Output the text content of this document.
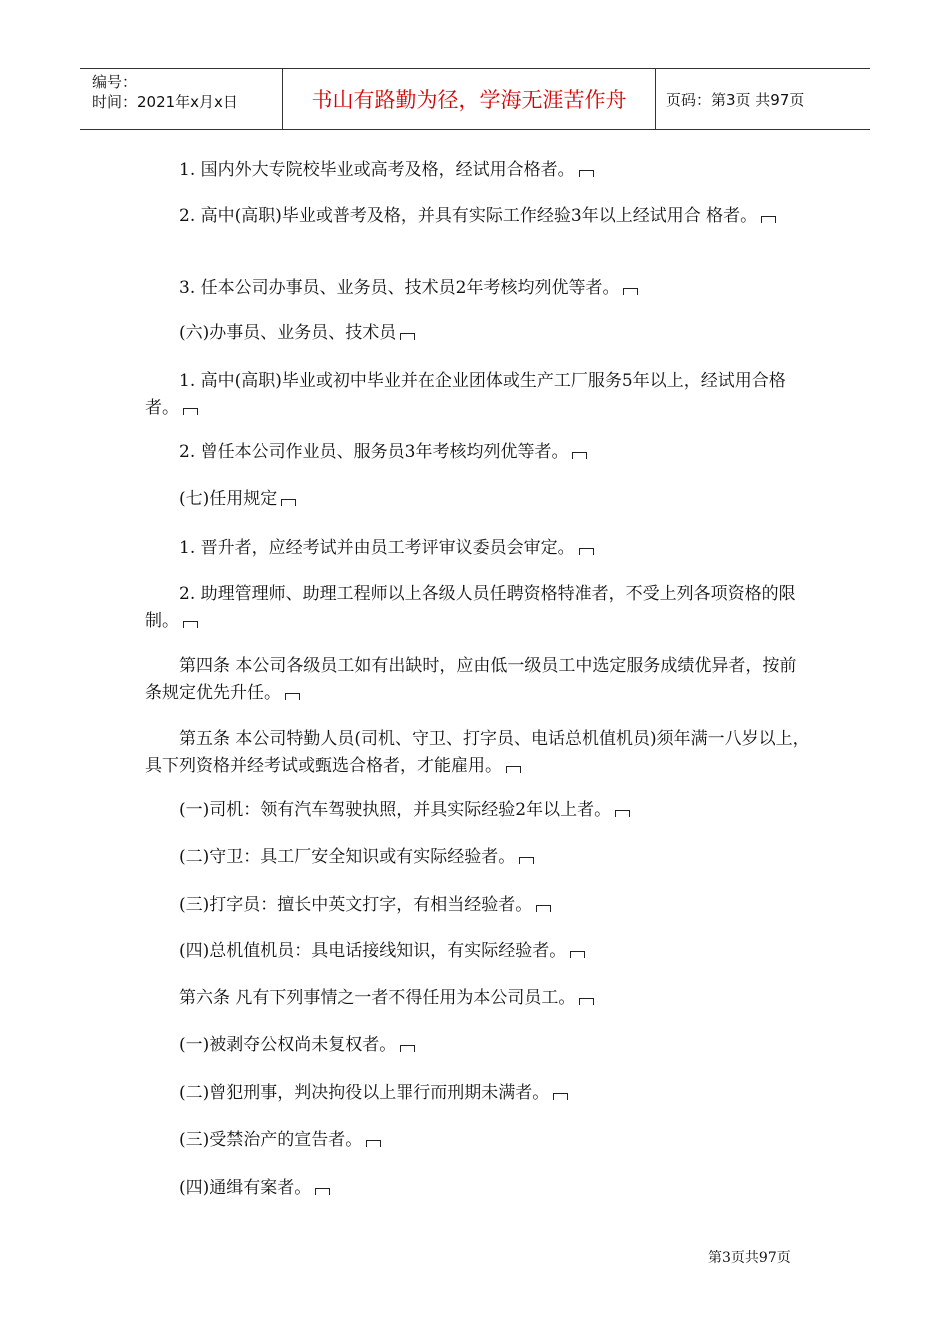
编号：
时间：2021年x月x日	书山有路勤为径，学海无涯苦作舟	页码：第3页 共97页
　　1. 国内外大专院校毕业或高考及格，经试用合格者。
　　2. 高中(高职)毕业或普考及格，并具有实际工作经验3年以上经试用合 格者。
　　3. 任本公司办事员、业务员、技术员2年考核均列优等者。
　　(六)办事员、业务员、技术员
　　1. 高中(高职)毕业或初中毕业并在企业团体或生产工厂服务5年以上，经试用合格者。
　　2. 曾任本公司作业员、服务员3年考核均列优等者。
　　(七)任用规定
　　1. 晋升者，应经考试并由员工考评审议委员会审定。
　　2. 助理管理师、助理工程师以上各级人员任聘资格特准者，不受上列各项资格的限制。
　　第四条 本公司各级员工如有出缺时，应由低一级员工中选定服务成绩优异者，按前条规定优先升任。
　　第五条 本公司特勤人员(司机、守卫、打字员、电话总机值机员)须年满一八岁以上，具下列资格并经考试或甄选合格者，才能雇用。
　　(一)司机：领有汽车驾驶执照，并具实际经验2年以上者。
　　(二)守卫：具工厂安全知识或有实际经验者。
　　(三)打字员：擅长中英文打字，有相当经验者。
　　(四)总机值机员：具电话接线知识，有实际经验者。
　　第六条 凡有下列事情之一者不得任用为本公司员工。
　　(一)被剥夺公权尚未复权者。
　　(二)曾犯刑事，判决拘役以上罪行而刑期未满者。
　　(三)受禁治产的宣告者。
　　(四)通缉有案者。
第3页共97页
